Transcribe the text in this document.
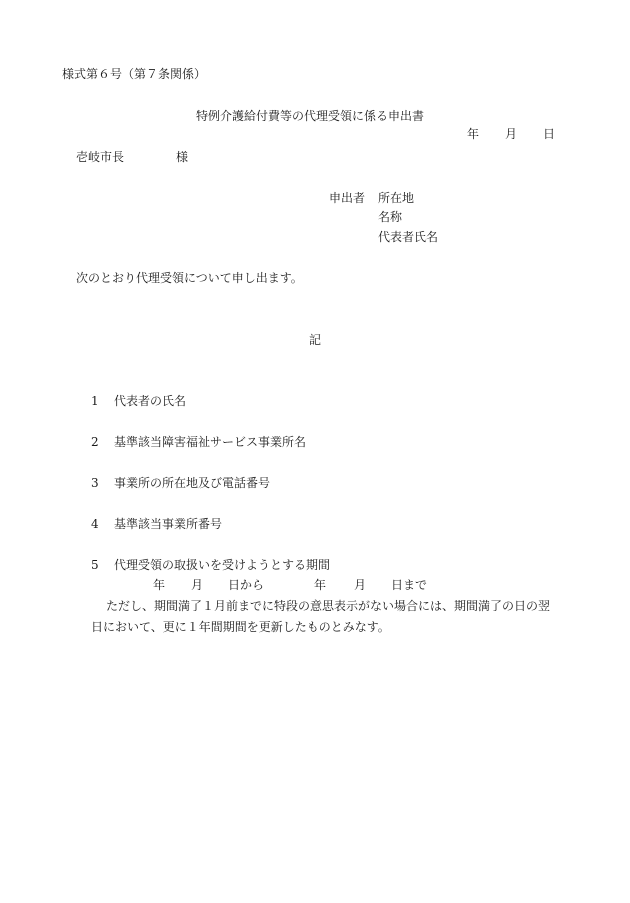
様式第６号（第７条関係）
特例介護給付費等の代理受領に係る申出書
年 月 日
壱岐市長	様
申出者 所在地
名称
代表者氏名
次のとおり代理受領について申し出ます。
記
1 代表者の氏名
2 基準該当障害福祉サービス事業所名
3 事業所の所在地及び電話番号
4 基準該当事業所番号
5 代理受領の取扱いを受けようとする期間
年 月 日から	年 月 日まで
ただし、期間満了１月前までに特段の意思表示がない場合には、期間満了の日の翌
日において、更に１年間期間を更新したものとみなす。
